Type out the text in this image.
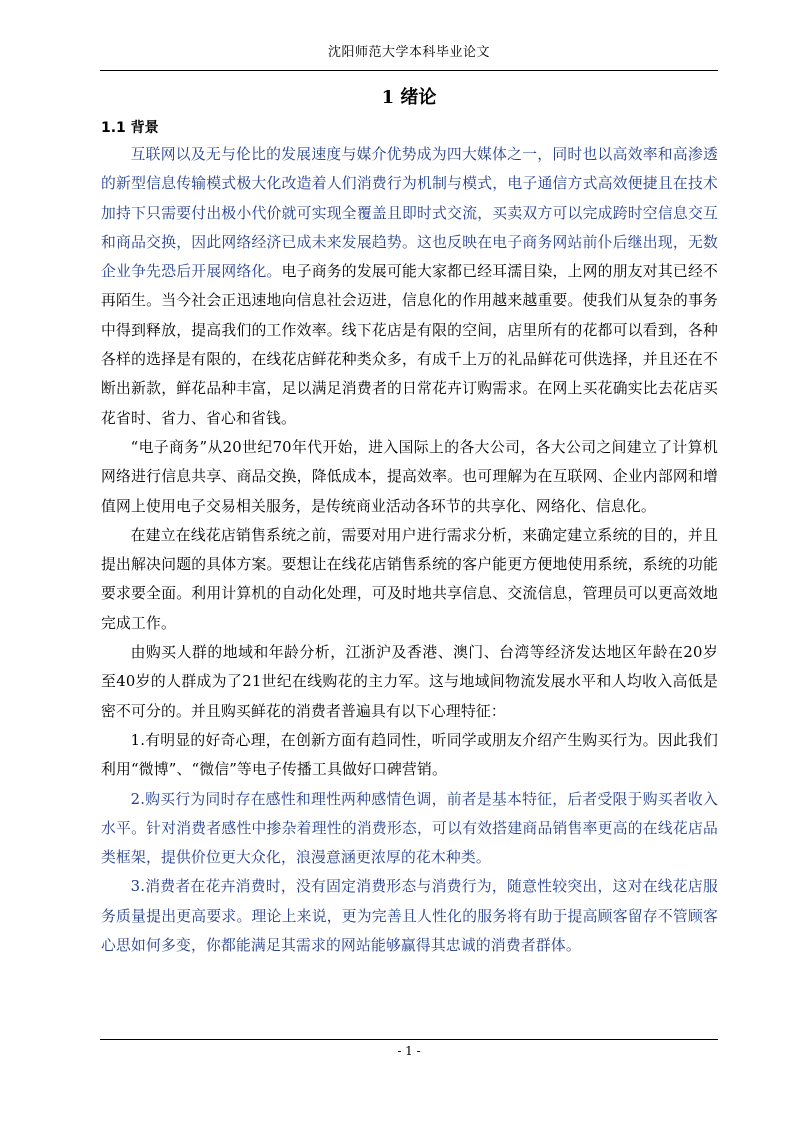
沈阳师范大学本科毕业论文
1 绪论
1.1 背景

互联网以及无与伦比的发展速度与媒介优势成为四大媒体之一，同时也以高效率和高渗透的新型信息传输模式极大化改造着人们消费行为机制与模式，电子通信方式高效便捷且在技术加持下只需要付出极小代价就可实现全覆盖且即时式交流，买卖双方可以完成跨时空信息交互和商品交换，因此网络经济已成未来发展趋势。这也反映在电子商务网站前仆后继出现，无数企业争先恐后开展网络化。

电子商务的发展可能大家都已经耳濡目染，上网的朋友对其已经不再陌生。当今社会正迅速地向信息社会迈进，信息化的作用越来越重要。使我们从复杂的事务中得到释放，提高我们的工作效率。线下花店是有限的空间，店里所有的花都可以看到，各种各样的选择是有限的，在线花店鲜花种类众多，有成千上万的礼品鲜花可供选择，并且还在不断出新款，鲜花品种丰富，足以满足消费者的日常花卉订购需求。在网上买花确实比去花店买花省时、省力、省心和省钱。

“电子商务”从20世纪70年代开始，进入国际上的各大公司，各大公司之间建立了计算机网络进行信息共享、商品交换，降低成本，提高效率。也可理解为在互联网、企业内部网和增值网上使用电子交易相关服务，是传统商业活动各环节的共享化、网络化、信息化。

在建立在线花店销售系统之前，需要对用户进行需求分析，来确定建立系统的目的，并且提出解决问题的具体方案。要想让在线花店销售系统的客户能更方便地使用系统，系统的功能要求要全面。利用计算机的自动化处理，可及时地共享信息、交流信息，管理员可以更高效地完成工作。

由购买人群的地域和年龄分析，江浙沪及香港、澳门、台湾等经济发达地区年龄在20岁至40岁的人群成为了21世纪在线购花的主力军。这与地域间物流发展水平和人均收入高低是密不可分的。并且购买鲜花的消费者普遍具有以下心理特征：

1.有明显的好奇心理，在创新方面有趋同性，听同学或朋友介绍产生购买行为。因此我们利用“微博”、“微信”等电子传播工具做好口碑营销。

2.购买行为同时存在感性和理性两种感情色调，前者是基本特征，后者受限于购买者收入水平。针对消费者感性中掺杂着理性的消费形态，可以有效搭建商品销售率更高的在线花店品类框架，提供价位更大众化，浪漫意涵更浓厚的花木种类。

3.消费者在花卉消费时，没有固定消费形态与消费行为，随意性较突出，这对在线花店服务质量提出更高要求。理论上来说，更为完善且人性化的服务将有助于提高顾客留存不管顾客心思如何多变，你都能满足其需求的网站能够赢得其忠诚的消费者群体。

- 1 -
